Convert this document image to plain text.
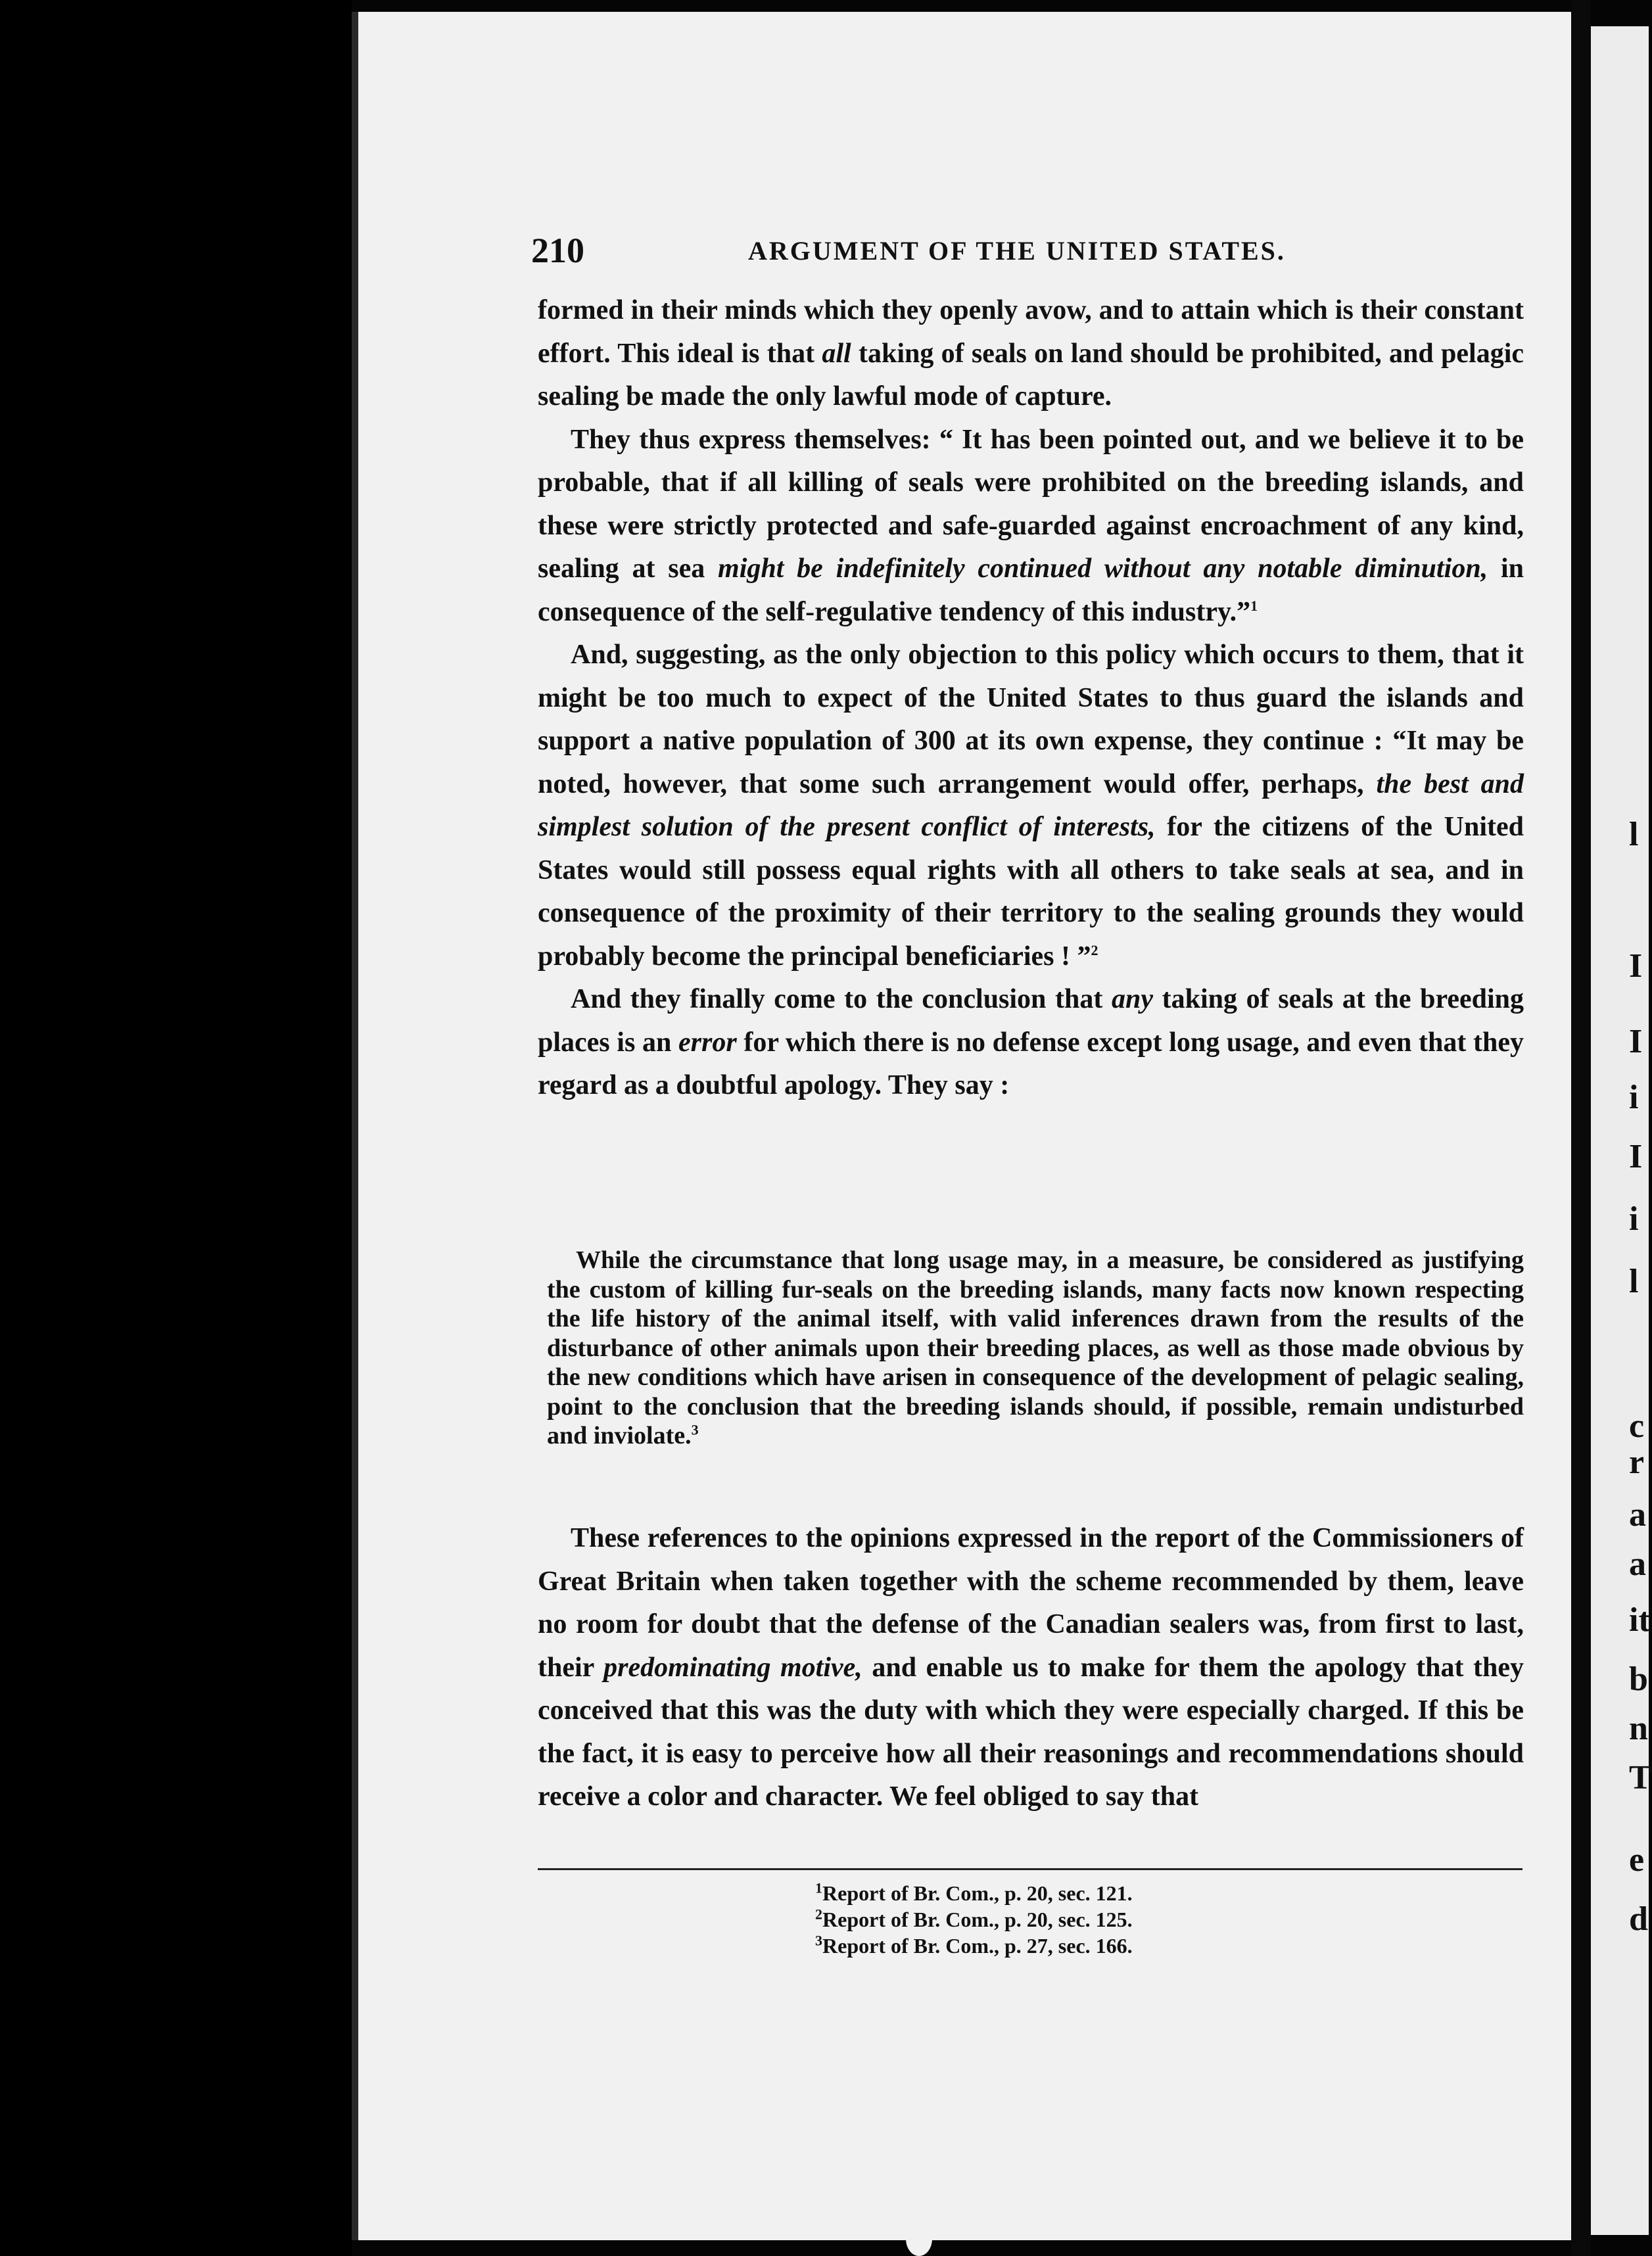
l
I
I
i
I
i
l
c
r
a
a
it
b
n
T
e
d
210	ARGUMENT OF THE UNITED STATES.

formed in their minds which they openly avow, and to attain which is their constant effort. This ideal is that all taking of seals on land should be prohibited, and pelagic sealing be made the only lawful mode of capture.

They thus express themselves: “ It has been pointed out, and we believe it to be probable, that if all killing of seals were prohibited on the breeding islands, and these were strictly protected and safe-guarded against encroachment of any kind, sealing at sea might be indefinitely continued without any notable diminution, in consequence of the self-regulative tendency of this industry.”$^1$

And, suggesting, as the only objection to this policy which occurs to them, that it might be too much to expect of the United States to thus guard the islands and support a native population of 300 at its own expense, they continue : “It may be noted, however, that some such arrangement would offer, perhaps, the best and simplest solution of the present conflict of interests, for the citizens of the United States would still possess equal rights with all others to take seals at sea, and in consequence of the proximity of their territory to the sealing grounds they would probably become the principal beneficiaries ! ”$^2$

And they finally come to the conclusion that any taking of seals at the breeding places is an error for which there is no defense except long usage, and even that they regard as a doubtful apology. They say :

While the circumstance that long usage may, in a measure, be considered as justifying the custom of killing fur-seals on the breeding islands, many facts now known respecting the life history of the animal itself, with valid inferences drawn from the results of the disturbance of other animals upon their breeding places, as well as those made obvious by the new conditions which have arisen in consequence of the development of pelagic sealing, point to the conclusion that the breeding islands should, if possible, remain undisturbed and inviolate.$^3$

These references to the opinions expressed in the report of the Commissioners of Great Britain when taken together with the scheme recommended by them, leave no room for doubt that the defense of the Canadian sealers was, from first to last, their predominating motive, and enable us to make for them the apology that they conceived that this was the duty with which they were especially charged. If this be the fact, it is easy to perceive how all their reasonings and recommendations should receive a color and character. We feel obliged to say that

$^1$Report of Br. Com., p. 20, sec. 121.
$^2$Report of Br. Com., p. 20, sec. 125.
$^3$Report of Br. Com., p. 27, sec. 166.
